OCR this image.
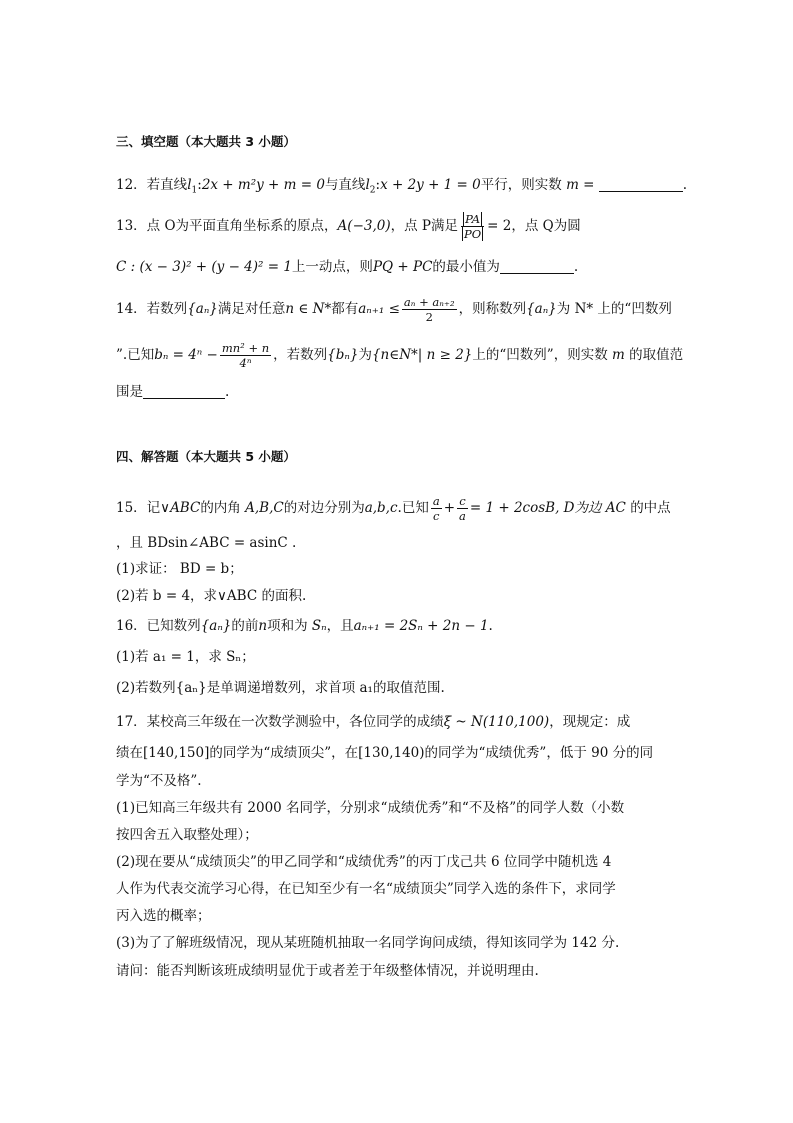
三、填空题（本大题共 3 小题）
12．若直线$l_1:2x + m^2y + m = 0$与直线$l_2:x + 2y + 1 = 0$平行，则实数 m =	.
13．点 O为平面直角坐标系的原点，A(−3,0)，点 P满足 $\frac{PA}{PO} = 2$，点 Q为圆
C : (x − 3)² + (y − 4)² = 1上一动点，则PQ + PC的最小值为	.
14．若数列{aₙ}满足对任意n ∈ N*都有$a_{n+1} \le \frac{\text{aₙ + aₙ₊₂}}{2}$ ，则称数列{aₙ}为 N* 上的“凹数列
”.已知$b_n = 4^n - \frac{\text{mn² + n}}{\text{4ⁿ}}$ ，若数列{bₙ}为{n∈N*| n ≥ 2}上的“凹数列”，则实数 m 的取值范
围是	.
四、解答题（本大题共 5 小题）
15．记∨ABC的内角 A,B,C的对边分别为a,b,c.已知 $\frac{a}{c} + \frac{c}{a} = 1 + 2\cos B$, D为边 AC 的中点
，且 BDsin∠ABC = asinC .
(1)求证： BD = b；
(2)若 b = 4，求∨ABC 的面积.
16．已知数列{aₙ}的前n项和为 Sₙ，且aₙ₊₁ = 2Sₙ + 2n − 1.
(1)若 a₁ = 1，求 Sₙ；
(2)若数列{aₙ}是单调递增数列，求首项 a₁的取值范围.
17．某校高三年级在一次数学测验中，各位同学的成绩ξ ~ N(110,100)，现规定：成
绩在[140,150]的同学为“成绩顶尖”，在[130,140)的同学为“成绩优秀”，低于 90 分的同
学为“不及格”.
(1)已知高三年级共有 2000 名同学，分别求“成绩优秀”和“不及格”的同学人数（小数
按四舍五入取整处理）；
(2)现在要从“成绩顶尖”的甲乙同学和“成绩优秀”的丙丁戊己共 6 位同学中随机选 4
人作为代表交流学习心得，在已知至少有一名“成绩顶尖”同学入选的条件下，求同学
丙入选的概率；
(3)为了了解班级情况，现从某班随机抽取一名同学询问成绩，得知该同学为 142 分.
请问：能否判断该班成绩明显优于或者差于年级整体情况，并说明理由.
